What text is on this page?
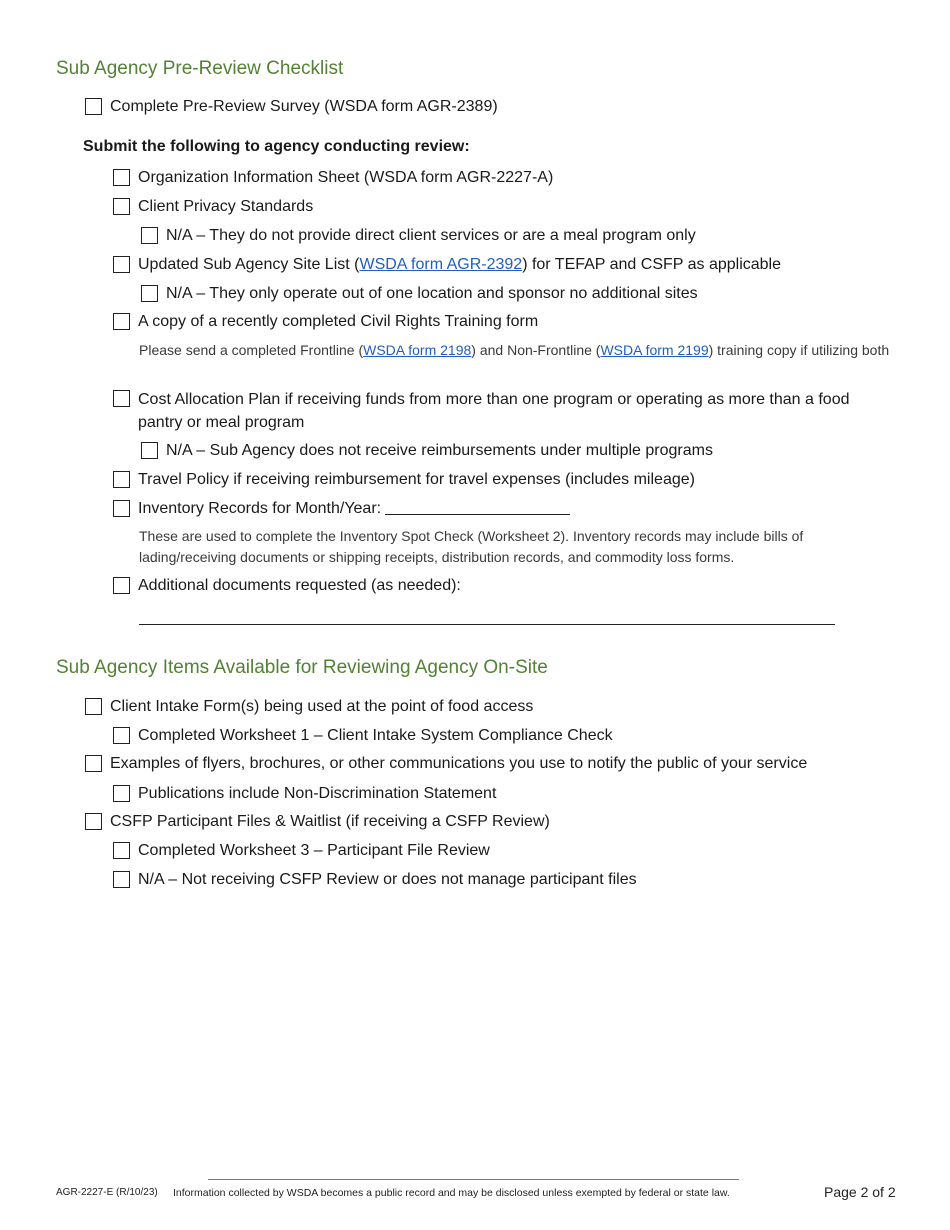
Sub Agency Pre-Review Checklist
Complete Pre-Review Survey (WSDA form AGR-2389)
Submit the following to agency conducting review:
Organization Information Sheet (WSDA form AGR-2227-A)
Client Privacy Standards
N/A – They do not provide direct client services or are a meal program only
Updated Sub Agency Site List (WSDA form AGR-2392) for TEFAP and CSFP as applicable
N/A – They only operate out of one location and sponsor no additional sites
A copy of a recently completed Civil Rights Training form
Please send a completed Frontline (WSDA form 2198) and Non-Frontline (WSDA form 2199) training copy if utilizing both
Cost Allocation Plan if receiving funds from more than one program or operating as more than a food pantry or meal program
N/A – Sub Agency does not receive reimbursements under multiple programs
Travel Policy if receiving reimbursement for travel expenses (includes mileage)
Inventory Records for Month/Year:
These are used to complete the Inventory Spot Check (Worksheet 2). Inventory records may include bills of lading/receiving documents or shipping receipts, distribution records, and commodity loss forms.
Additional documents requested (as needed):
Sub Agency Items Available for Reviewing Agency On-Site
Client Intake Form(s) being used at the point of food access
Completed Worksheet 1 – Client Intake System Compliance Check
Examples of flyers, brochures, or other communications you use to notify the public of your service
Publications include Non-Discrimination Statement
CSFP Participant Files & Waitlist (if receiving a CSFP Review)
Completed Worksheet 3 – Participant File Review
N/A – Not receiving CSFP Review or does not manage participant files
AGR-2227-E (R/10/23) Information collected by WSDA becomes a public record and may be disclosed unless exempted by federal or state law.	Page 2 of 2
